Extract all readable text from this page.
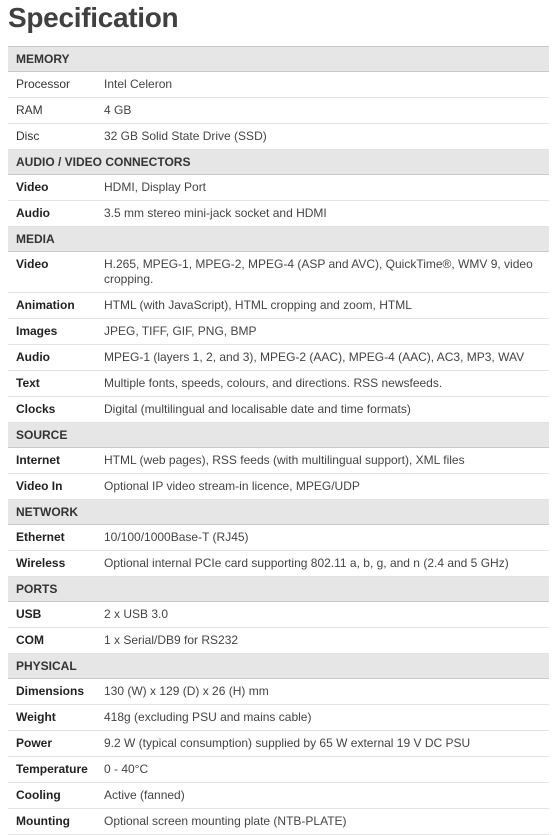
Specification
MEMORY	
Processor	Intel Celeron
RAM	4 GB
Disc	32 GB Solid State Drive (SSD)
AUDIO / VIDEO CONNECTORS	
Video	HDMI, Display Port
Audio	3.5 mm stereo mini-jack socket and HDMI
MEDIA	
Video	H.265, MPEG-1, MPEG-2, MPEG-4 (ASP and AVC), QuickTime®, WMV 9, video cropping.
Animation	HTML (with JavaScript), HTML cropping and zoom, HTML
Images	JPEG, TIFF, GIF, PNG, BMP
Audio	MPEG-1 (layers 1, 2, and 3), MPEG-2 (AAC), MPEG-4 (AAC), AC3, MP3, WAV
Text	Multiple fonts, speeds, colours, and directions. RSS newsfeeds.
Clocks	Digital (multilingual and localisable date and time formats)
SOURCE	
Internet	HTML (web pages), RSS feeds (with multilingual support), XML files
Video In	Optional IP video stream-in licence, MPEG/UDP
NETWORK	
Ethernet	10/100/1000Base-T (RJ45)
Wireless	Optional internal PCIe card supporting 802.11 a, b, g, and n (2.4 and 5 GHz)
PORTS	
USB	2 x USB 3.0
COM	1 x Serial/DB9 for RS232
PHYSICAL	
Dimensions	130 (W) x 129 (D) x 26 (H) mm
Weight	418g (excluding PSU and mains cable)
Power	9.2 W (typical consumption) supplied by 65 W external 19 V DC PSU
Temperature	0 - 40°C
Cooling	Active (fanned)
Mounting	Optional screen mounting plate (NTB-PLATE)
